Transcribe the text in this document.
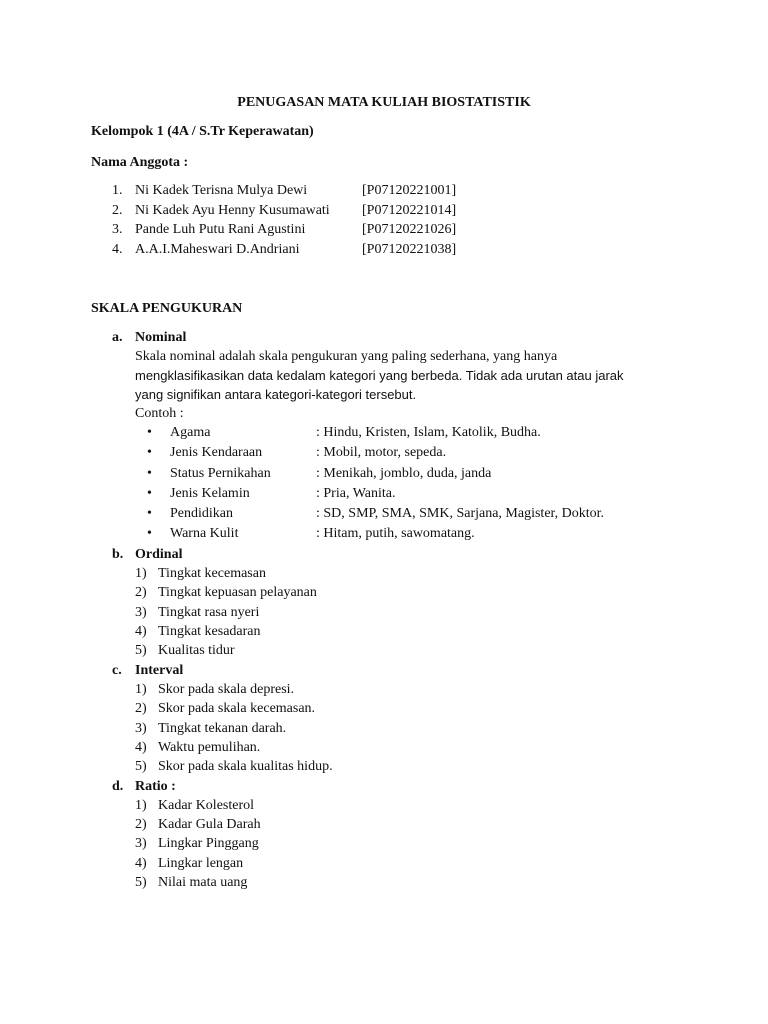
PENUGASAN MATA KULIAH BIOSTATISTIK
Kelompok 1 (4A / S.Tr Keperawatan)
Nama Anggota :
1. Ni Kadek Terisna Mulya Dewi	[P07120221001]
2. Ni Kadek Ayu Henny Kusumawati [P07120221014]
3. Pande Luh Putu Rani Agustini	[P07120221026]
4. A.A.I.Maheswari D.Andriani	[P07120221038]
SKALA PENGUKURAN
a. Nominal
Skala nominal adalah skala pengukuran yang paling sederhana, yang hanya
mengklasifikasikan data kedalam kategori yang berbeda. Tidak ada urutan atau jarak
yang signifikan antara kategori-kategori tersebut.
Contoh :
• Agama	: Hindu, Kristen, Islam, Katolik, Budha.
• Jenis Kendaraan	: Mobil, motor, sepeda.
• Status Pernikahan	: Menikah, jomblo, duda, janda
• Jenis Kelamin	: Pria, Wanita.
• Pendidikan	: SD, SMP, SMA, SMK, Sarjana, Magister, Doktor.
• Warna Kulit	: Hitam, putih, sawomatang.
b. Ordinal
1) Tingkat kecemasan
2) Tingkat kepuasan pelayanan
3) Tingkat rasa nyeri
4) Tingkat kesadaran
5) Kualitas tidur
c. Interval
1) Skor pada skala depresi.
2) Skor pada skala kecemasan.
3) Tingkat tekanan darah.
4) Waktu pemulihan.
5) Skor pada skala kualitas hidup.
d. Ratio :
1) Kadar Kolesterol
2) Kadar Gula Darah
3) Lingkar Pinggang
4) Lingkar lengan
5) Nilai mata uang
